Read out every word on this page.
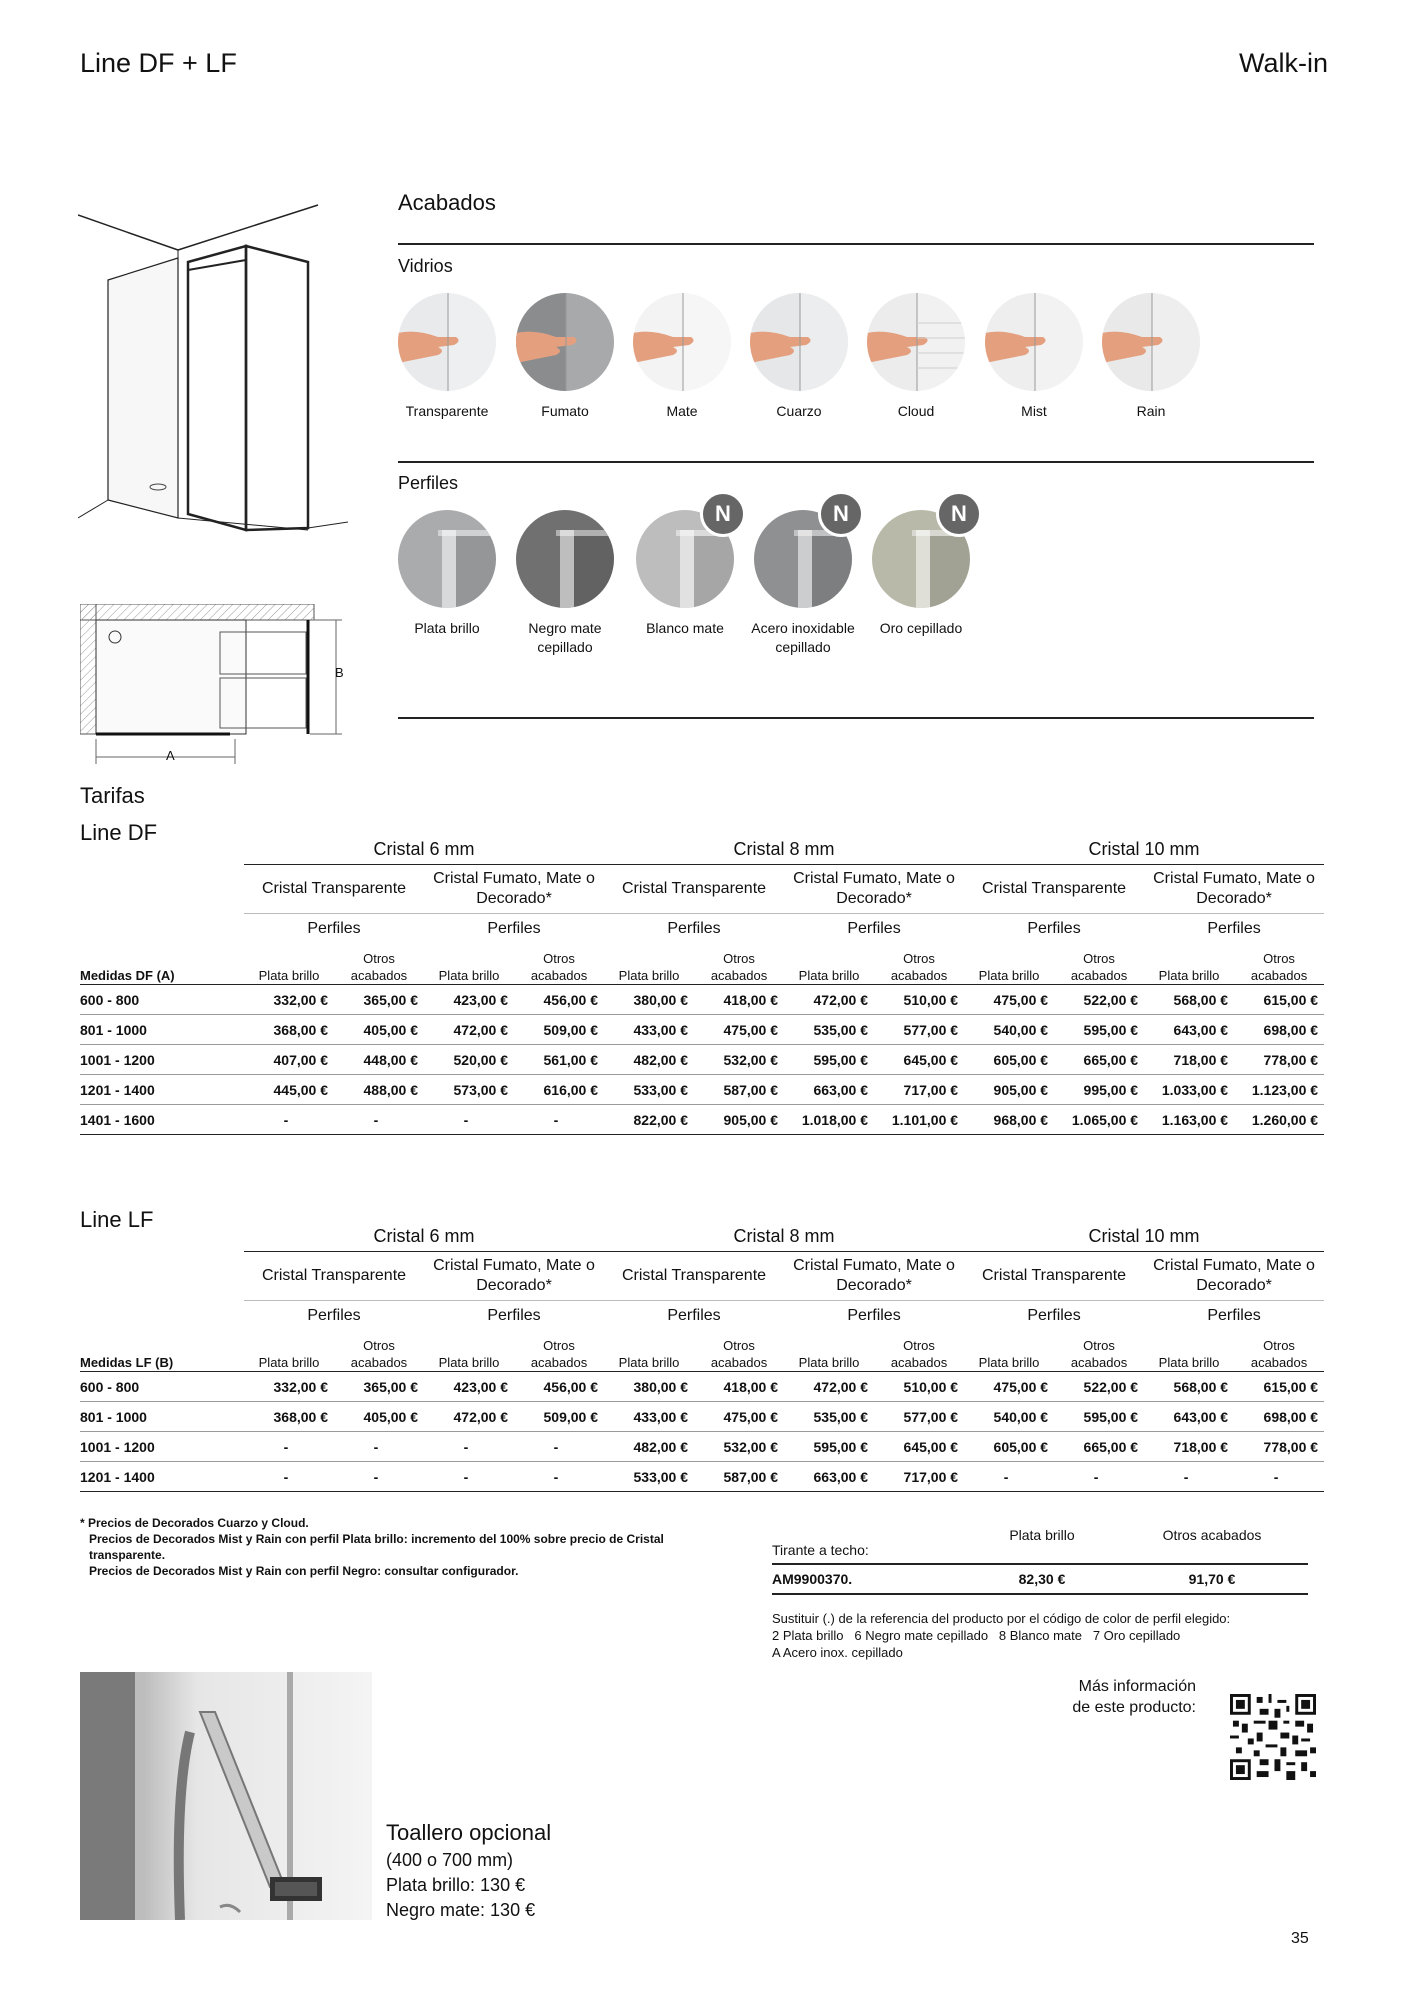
Line DF + LF	Walk-in
B
A
Acabados
Vidrios
Transparente	Fumato	Mate	Cuarzo	Cloud	Mist	Rain
Perfiles
Plata brillo	Negro mate cepillado
N
Blanco mate
N
Acero inoxidable cepillado
N
Oro cepillado
Tarifas
Line DF
	Cristal 6 mm				Cristal 8 mm				Cristal 10 mm			
	Cristal Transparente		Cristal Fumato, Mate o Decorado*		Cristal Transparente		Cristal Fumato, Mate o Decorado*		Cristal Transparente		Cristal Fumato, Mate o Decorado*	
	Perfiles		Perfiles		Perfiles		Perfiles		Perfiles		Perfiles	
Medidas DF (A)	Plata brillo	Otros acabados	Plata brillo	Otros acabados	Plata brillo	Otros acabados	Plata brillo	Otros acabados	Plata brillo	Otros acabados	Plata brillo	Otros acabados
600 - 800	332,00 €	365,00 €	423,00 €	456,00 €	380,00 €	418,00 €	472,00 €	510,00 €	475,00 €	522,00 €	568,00 €	615,00 €
801 - 1000	368,00 €	405,00 €	472,00 €	509,00 €	433,00 €	475,00 €	535,00 €	577,00 €	540,00 €	595,00 €	643,00 €	698,00 €
1001 - 1200	407,00 €	448,00 €	520,00 €	561,00 €	482,00 €	532,00 €	595,00 €	645,00 €	605,00 €	665,00 €	718,00 €	778,00 €
1201 - 1400	445,00 €	488,00 €	573,00 €	616,00 €	533,00 €	587,00 €	663,00 €	717,00 €	905,00 €	995,00 €	1.033,00 €	1.123,00 €
1401 - 1600	-	-	-	-	822,00 €	905,00 €	1.018,00 €	1.101,00 €	968,00 €	1.065,00 €	1.163,00 €	1.260,00 €
Line LF
	Cristal 6 mm				Cristal 8 mm				Cristal 10 mm			
	Cristal Transparente		Cristal Fumato, Mate o Decorado*		Cristal Transparente		Cristal Fumato, Mate o Decorado*		Cristal Transparente		Cristal Fumato, Mate o Decorado*	
	Perfiles		Perfiles		Perfiles		Perfiles		Perfiles		Perfiles	
Medidas LF (B)	Plata brillo	Otros acabados	Plata brillo	Otros acabados	Plata brillo	Otros acabados	Plata brillo	Otros acabados	Plata brillo	Otros acabados	Plata brillo	Otros acabados
600 - 800	332,00 €	365,00 €	423,00 €	456,00 €	380,00 €	418,00 €	472,00 €	510,00 €	475,00 €	522,00 €	568,00 €	615,00 €
801 - 1000	368,00 €	405,00 €	472,00 €	509,00 €	433,00 €	475,00 €	535,00 €	577,00 €	540,00 €	595,00 €	643,00 €	698,00 €
1001 - 1200	-	-	-	-	482,00 €	532,00 €	595,00 €	645,00 €	605,00 €	665,00 €	718,00 €	778,00 €
1201 - 1400	-	-	-	-	533,00 €	587,00 €	663,00 €	717,00 €	-	-	-	-
* Precios de Decorados Cuarzo y Cloud.
Precios de Decorados Mist y Rain con perfil Plata brillo: incremento del 100% sobre precio de Cristal transparente.
Precios de Decorados Mist y Rain con perfil Negro: consultar configurador.
Tirante a techo:
Plata brillo	Otros acabados
AM9900370.	82,30 €	91,70 €
Sustituir (.) de la referencia del producto por el código de color de perfil elegido:
2 Plata brillo   6 Negro mate cepillado   8 Blanco mate   7 Oro cepillado
A Acero inox. cepillado
Más información
de este producto:
Toallero opcional
(400 o 700 mm)
Plata brillo: 130 €
Negro mate: 130 €
35
